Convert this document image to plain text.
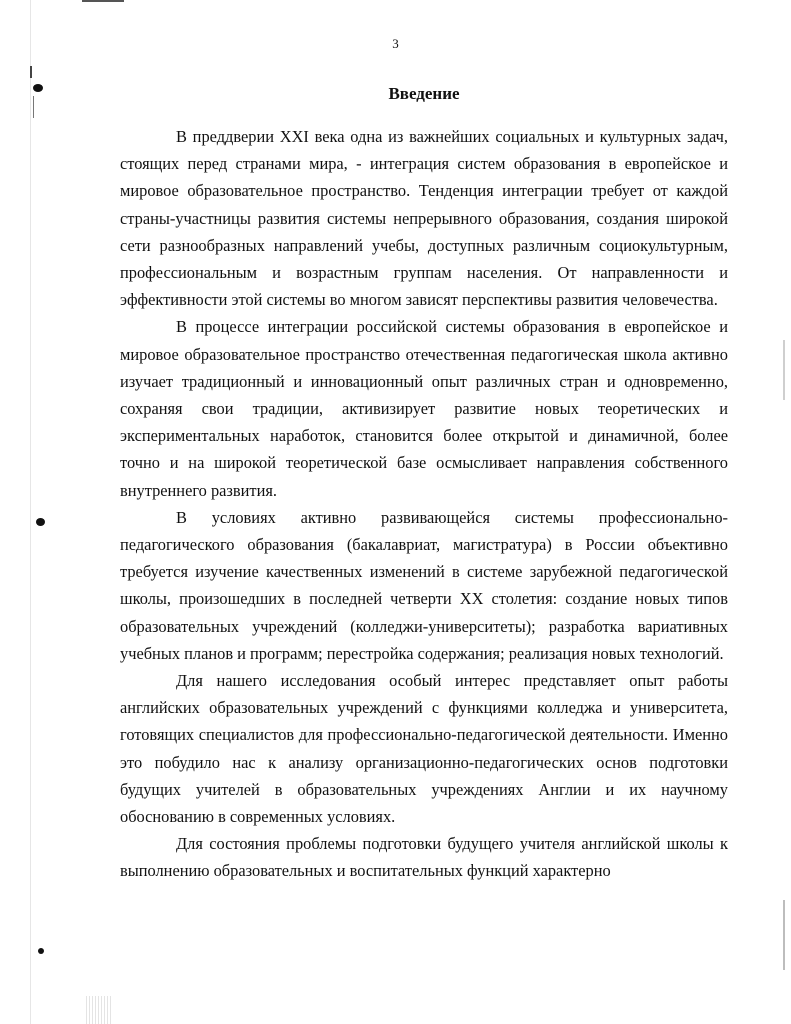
3
Введение

В преддверии XXI века одна из важнейших социальных и культурных задач, стоящих перед странами мира, - интеграция систем образования в европейское и мировое образовательное пространство. Тенденция интеграции требует от каждой страны-участницы развития системы непрерывного образования, создания широкой сети разнообразных направлений учебы, доступных различным социокультурным, профессиональным и возрастным группам населения. От направленности и эффективности этой системы во многом зависят перспективы развития человечества.

В процессе интеграции российской системы образования в европейское и мировое образовательное пространство отечественная педагогическая школа активно изучает традиционный и инновационный опыт различных стран и одновременно, сохраняя свои традиции, активизирует развитие новых теоретических и экспериментальных наработок, становится более открытой и динамичной, более точно и на широкой теоретической базе осмысливает направления собственного внутреннего развития.

В условиях активно развивающейся системы профессионально-педагогического образования (бакалавриат, магистратура) в России объективно требуется изучение качественных изменений в системе зарубежной педагогической школы, произошедших в последней четверти XX столетия: создание новых типов образовательных учреждений (колледжи-университеты); разработка вариативных учебных планов и программ; перестройка содержания; реализация новых технологий.

Для нашего исследования особый интерес представляет опыт работы английских образовательных учреждений с функциями колледжа и университета, готовящих специалистов для профессионально-педагогической деятельности. Именно это побудило нас к анализу организационно-педагогических основ подготовки будущих учителей в образовательных учреждениях Англии и их научному обоснованию в современных условиях.

Для состояния проблемы подготовки будущего учителя английской школы к выполнению образовательных и воспитательных функций характерно
